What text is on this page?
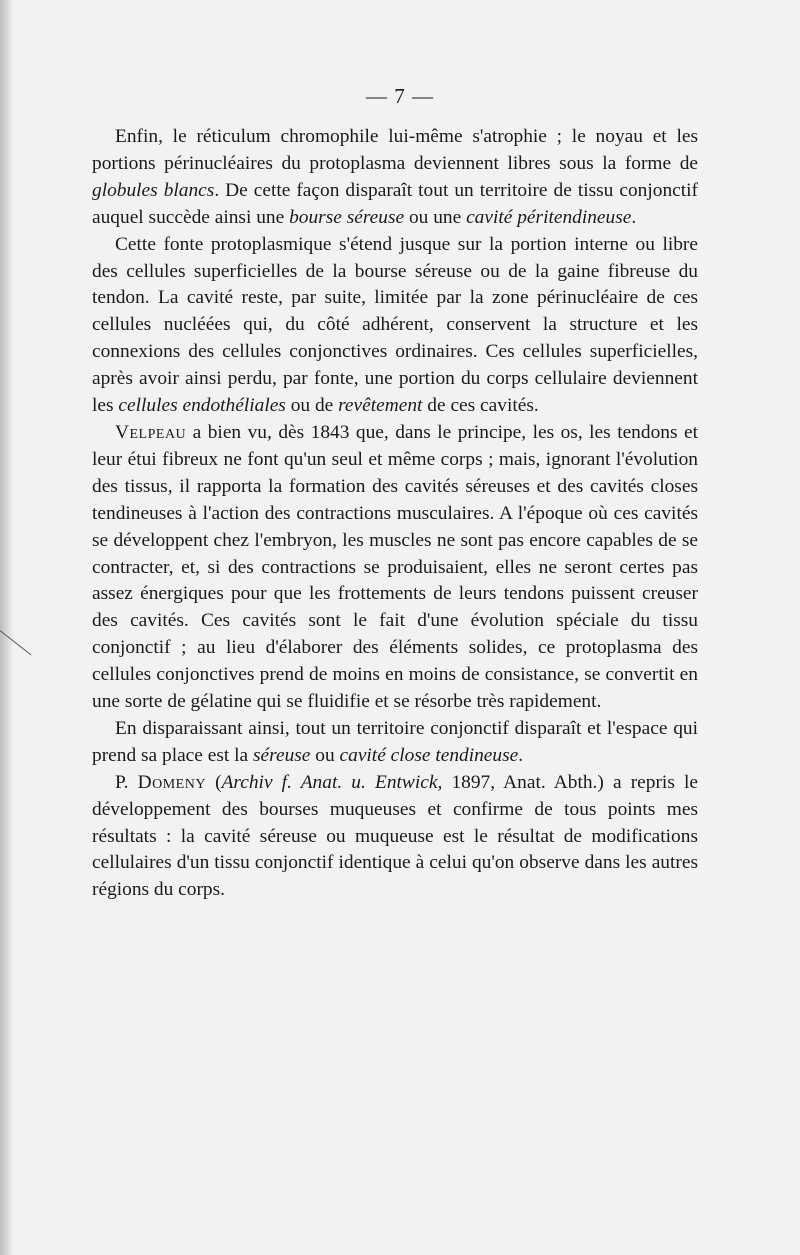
— 7 —

Enfin, le réticulum chromophile lui-même s'atrophie ; le noyau et les portions périnucléaires du protoplasma deviennent libres sous la forme de globules blancs. De cette façon disparaît tout un territoire de tissu conjonctif auquel succède ainsi une bourse séreuse ou une cavité péritendineuse.

Cette fonte protoplasmique s'étend jusque sur la portion interne ou libre des cellules superficielles de la bourse séreuse ou de la gaine fibreuse du tendon. La cavité reste, par suite, limitée par la zone périnucléaire de ces cellules nucléées qui, du côté adhérent, conservent la structure et les connexions des cellules conjonctives ordinaires. Ces cellules superficielles, après avoir ainsi perdu, par fonte, une portion du corps cellulaire deviennent les cellules endothéliales ou de revêtement de ces cavités.

Velpeau a bien vu, dès 1843 que, dans le principe, les os, les tendons et leur étui fibreux ne font qu'un seul et même corps ; mais, ignorant l'évolution des tissus, il rapporta la formation des cavités séreuses et des cavités closes tendineuses à l'action des contractions musculaires. A l'époque où ces cavités se développent chez l'embryon, les muscles ne sont pas encore capables de se contracter, et, si des contractions se produisaient, elles ne seront certes pas assez énergiques pour que les frottements de leurs tendons puissent creuser des cavités. Ces cavités sont le fait d'une évolution spéciale du tissu conjonctif ; au lieu d'élaborer des éléments solides, ce protoplasma des cellules conjonctives prend de moins en moins de consistance, se convertit en une sorte de gélatine qui se fluidifie et se résorbe très rapidement.

En disparaissant ainsi, tout un territoire conjonctif disparaît et l'espace qui prend sa place est la séreuse ou cavité close tendineuse.

P. Domeny (Archiv f. Anat. u. Entwick, 1897, Anat. Abth.) a repris le développement des bourses muqueuses et confirme de tous points mes résultats : la cavité séreuse ou muqueuse est le résultat de modifications cellulaires d'un tissu conjonctif identique à celui qu'on observe dans les autres régions du corps.
